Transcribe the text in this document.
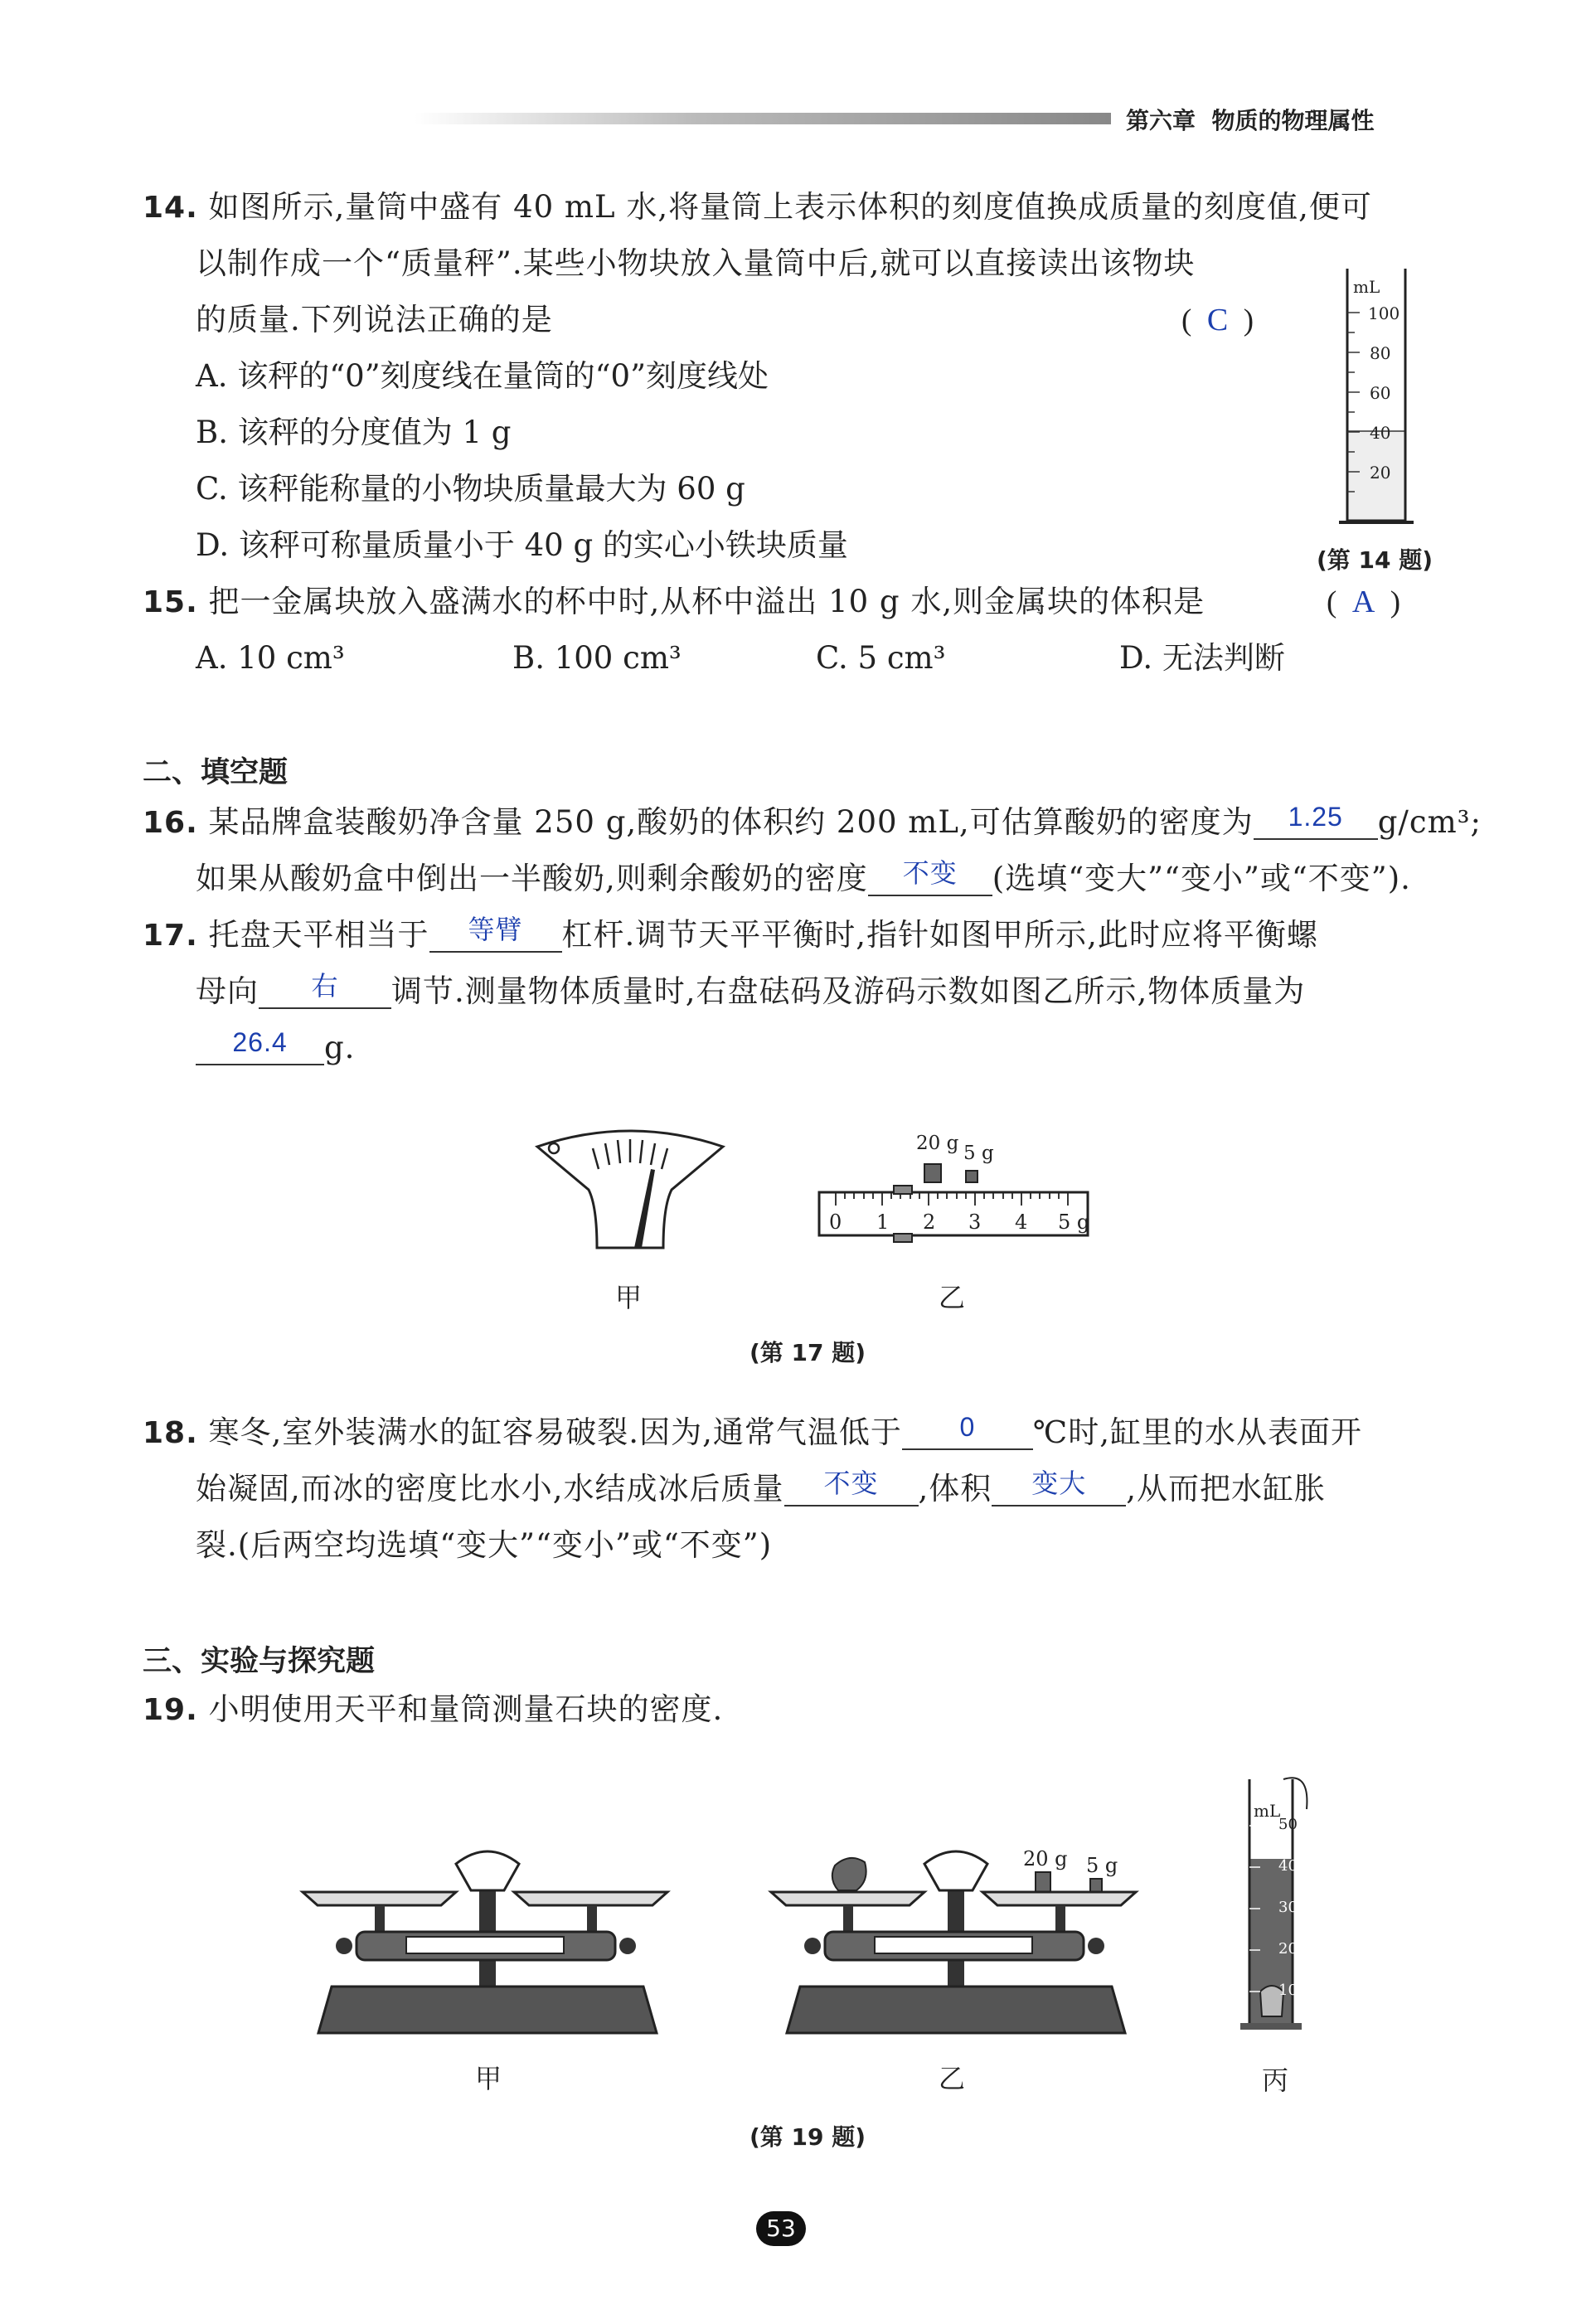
第六章 物质的物理属性
14. 如图所示,量筒中盛有 40 mL 水,将量筒上表示体积的刻度值换成质量的刻度值,便可
以制作成一个“质量秤”.某些小物块放入量筒中后,就可以直接读出该物块
的质量.下列说法正确的是	(  C  )
A. 该秤的“0”刻度线在量筒的“0”刻度线处
B. 该秤的分度值为 1 g
C. 该秤能称量的小物块质量最大为 60 g
D. 该秤可称量质量小于 40 g 的实心小铁块质量
mL
100
80
60
40
20
(第 14 题)
15. 把一金属块放入盛满水的杯中时,从杯中溢出 10 g 水,则金属块的体积是	(  A  )
A. 10 cm³	B. 100 cm³	C. 5 cm³	D. 无法判断
二、填空题
16. 某品牌盒装酸奶净含量 250 g,酸奶的体积约 200 mL,可估算酸奶的密度为 1.25 g/cm³;
如果从酸奶盒中倒出一半酸奶,则剩余酸奶的密度 不变 (选填“变大”“变小”或“不变”).
17. 托盘天平相当于 等臂 杠杆.调节天平平衡时,指针如图甲所示,此时应将平衡螺
母向 右 调节.测量物体质量时,右盘砝码及游码示数如图乙所示,物体质量为
26.4 g.
甲
20 g 5 g
0 1 2 3 4 5 g
乙
(第 17 题)
18. 寒冬,室外装满水的缸容易破裂.因为,通常气温低于 0 ℃时,缸里的水从表面开
始凝固,而冰的密度比水小,水结成冰后质量 不变 ,体积 变大 ,从而把水缸胀
裂.(后两空均选填“变大”“变小”或“不变”)
三、实验与探究题
19. 小明使用天平和量筒测量石块的密度.
甲
20 g 5 g
乙
mL
50
40
30
20
10
丙
(第 19 题)
53
